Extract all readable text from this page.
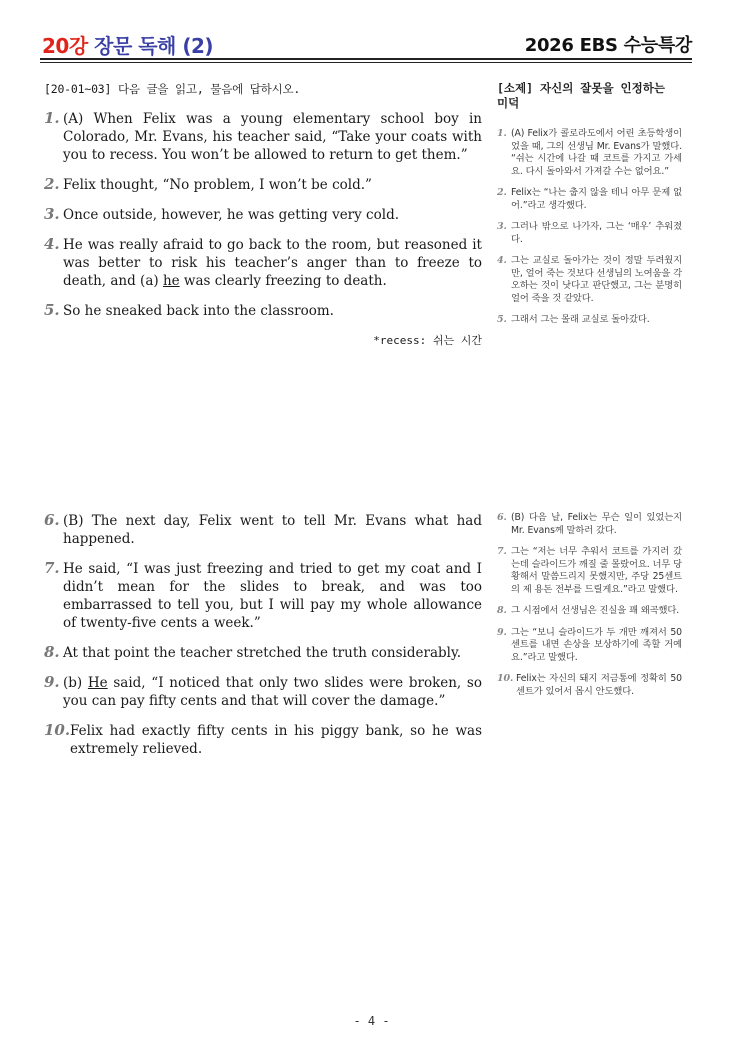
20강 장문 독해 (2)	2026 EBS 수능특강
[20-01~03] 다음 글을 읽고, 물음에 답하시오.
1. (A) When Felix was a young elementary school boy in Colorado, Mr. Evans, his teacher said, “Take your coats with you to recess. You won’t be allowed to return to get them.”
2. Felix thought, “No problem, I won’t be cold.”
3. Once outside, however, he was getting very cold.
4. He was really afraid to go back to the room, but reasoned it was better to risk his teacher’s anger than to freeze to death, and (a) he was clearly freezing to death.
5. So he sneaked back into the classroom.
*recess: 쉬는 시간
[소제] 자신의 잘못을 인정하는 미덕
1. (A) Felix가 콜로라도에서 어린 초등학생이었을 때, 그의 선생님 Mr. Evans가 말했다. “쉬는 시간에 나갈 때 코트를 가지고 가세요. 다시 돌아와서 가져갈 수는 없어요.”
2. Felix는 “나는 춥지 않을 테니 아무 문제 없어.”라고 생각했다.
3. 그러나 밖으로 나가자, 그는 ‘매우’ 추워졌다.
4. 그는 교실로 돌아가는 것이 정말 두려웠지만, 얼어 죽는 것보다 선생님의 노여움을 각오하는 것이 낫다고 판단했고, 그는 분명히 얼어 죽을 것 같았다.
5. 그래서 그는 몰래 교실로 돌아갔다.
6. (B) The next day, Felix went to tell Mr. Evans what had happened.
7. He said, “I was just freezing and tried to get my coat and I didn’t mean for the slides to break, and was too embarrassed to tell you, but I will pay my whole allowance of twenty-five cents a week.”
8. At that point the teacher stretched the truth considerably.
9. (b) He said, “I noticed that only two slides were broken, so you can pay fifty cents and that will cover the damage.”
10. Felix had exactly fifty cents in his piggy bank, so he was extremely relieved.
6. (B) 다음 날, Felix는 무슨 일이 있었는지 Mr. Evans께 말하러 갔다.
7. 그는 “저는 너무 추워서 코트를 가지러 갔는데 슬라이드가 깨질 줄 몰랐어요. 너무 당황해서 말씀드리지 못했지만, 주당 25센트의 제 용돈 전부를 드릴게요.”라고 말했다.
8. 그 시점에서 선생님은 진실을 꽤 왜곡했다.
9. 그는 “보니 슬라이드가 두 개만 깨져서 50센트를 내면 손상을 보상하기에 족할 거예요.”라고 말했다.
10. Felix는 자신의 돼지 저금통에 정확히 50센트가 있어서 몹시 안도했다.
- 4 -
